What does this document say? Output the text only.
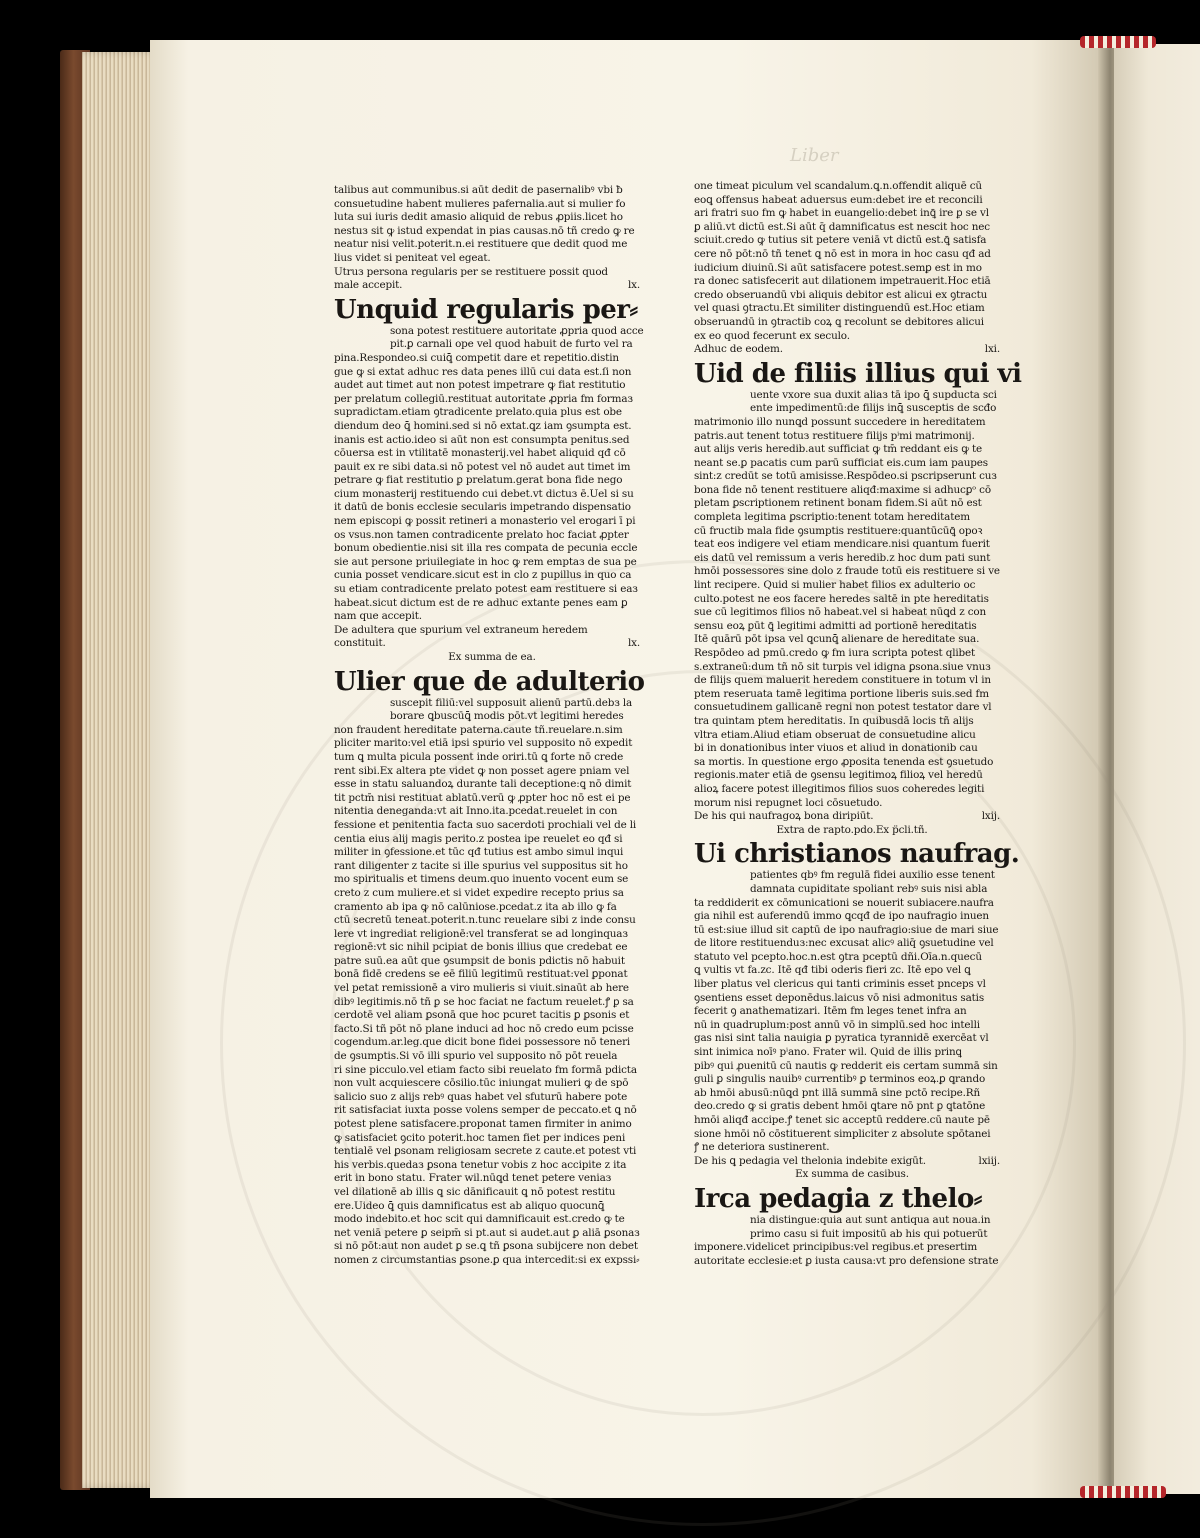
Liber

talibus aut communibus.si aūt dedit de pasernalibꝰ vbi ƀ

consuetudine habent mulieres pafernalia.aut si mulier fo

luta sui iuris dedit amasio aliquid de rebus ꝓpiis.licet ho

nestuз sit ꝙ istud expendat in pias causas.nō tñ credo ꝙ re

neatur nisi velit.poterit.n.ei restituere que dedit quod me

lius videt̄ si peniteat vel egeat.

Utruз persona regularis per se restituere possit quod

male accepit.	lx.

Unquid regularis per⸗

sona potest restituere autoritate ꝓpria quod acce

pit.ꝑ carnali ope vel quod habuit de furto vel ra

pina.Respondeo.si cuiꝗ̄ competit dare et repetitio.distin

gue ꝙ si extat adhuc res data penes illū cui data est.ſi non

audet aut timet aut non potest impetrare ꝙ fiat restitutio

per prelatum collegiū.restituat autoritate ꝓpria fm formaз

supradictam.etiam ꝯtradicente prelato.quia plus est obe

diendum deo ꝗ̄ homini.sed si nō extat.ꝗz iam ꝯsumpta est.

inanis est actio.ideo si aūt non est consumpta penitus.sed

cōuersa est in vtilitatē monasterij.vel habet aliquid qđ cō

pauit ex re sibi data.si nō potest vel nō audet aut timet im

petrare ꝙ fiat restitutio ꝑ prelatum.gerat bona fide nego

cium monasterij restituendo cui debet.vt dictuз ē.Uel si su

it datū de bonis ecclesie secularis impetrando dispensatio

nem episcopi ꝙ possit retineri a monasterio vel erogari ī pi

os vsus.non tamen contradicente prelato hoc faciat ꝓpter

bonum obedientie.nisi sit illa res compata de pecunia eccle

sie aut persone priuilegiate in hoc ꝙ rem emptaз de sua pe

cunia posset vendicare.sicut est in clo z pupillus in quo ca

su etiam contradicente prelato potest eam restituere si eaз

habeat.sicut dictum est de re adhuc extante penes eam ꝑ

nam que accepit.

De adultera que spurium vel extraneum heredem

constituit.	lx.

Ex summa de ea.

Ulier que de adulterio

suscepit filiū:vel supposuit alienū partū.debз la

borare ꝗbuscūꝗ̄ modis pōt.vt legitimi heredes

non fraudent̄ hereditate paterna.caute tñ.reuelare.n.sim

pliciter marito:vel etiā ipsi spurio vel supposito nō expedit

tum ꝗ multa picula possent inde oriri.tū ꝗ forte nō crede

rent sibi.Ex altera pte videt̄ ꝙ non posset agere pniam vel

esse in statu saluandoꝝ durante tali deceptione:ꝗ nō dimit

tit pctm̄ nisi restituat̄ ablatū.verū ꝙ ꝓpter hoc nō est ei pe

nitentia deneganda:vt ait Inno.ita.pcedat.reuelet in con

fessione et penitentia facta suo sacerdoti prochiali vel de li

centia eius alij magis perito.z postea ipe reuelet eo qđ si

militer in ꝯfessione.et tūc qđ tutius est ambo simul inqui

rant diligenter z tacite si ille spurius vel suppositus sit ho

mo spiritualis et timens deum.quo inuento vocent eum se

creto z cum muliere.et si videt̄ expedire recepto prius sa

cramento ab ipa ꝙ nō calūniose.pcedat.z ita ab illo ꝙ fa

ctū secretū teneat.poterit.n.tunc reuelare sibi z inde consu

lere vt ingrediat̄ religionē:vel transferat se ad longinquaз

regionē:vt sic nihil pcipiat de bonis illius que credebat ee

patre suū.ea aūt que ꝯsumpsit de bonis pdictis nō habuit

bonā fidē credens se eē filiū legitimū restituat:vel ꝑponat

vel petat remissionē a viro mulieris si viuit.sinaūt ab here

dibꝰ legitimis.nō tñ ꝑ se hoc faciat ne factum reuelet̄.ꝭ ꝑ sa

cerdotē vel aliam ꝑsonā que hoc pcuret tacitis ꝑ ꝑsonis et

facto.Si tñ pōt nō plane induci ad hoc nō credo eum pcisse

cogendum.ar.leg.que dicit bone fidei possessore nō teneri

de ꝯsumptis.Si vō illi spurio vel supposito nō pōt reuela

ri sine picculo.vel etiam facto sibi reuelato fm formā pdicta

non vult acquiescere cōsilio.tūc iniungat̄ mulieri ꝙ de spō

salicio suo z alijs rebꝰ quas habet vel sfuturū habere pote

rit satisfaciat iuxta posse volens semper de peccato.et ꝗ nō

potest plene satisfacere.proponat tamen firmiter in animo

ꝙ satisfaciet ꝯcito poterit.hoc tamen fiet per indices peni

tentialē vel ꝑsonam religiosam secrete z caute.et potest vti

his verbis.quedaз ꝑsona tenetur vobis z hoc accipite z ita

erit in bono statu. Frater wil.nūꝗd tenet̄ petere veniaз

vel dilationē ab illis ꝗ sic dānificauit ꝗ nō potest restitu

ere.Uideo ꝗ̄ quis damnificatus est ab aliquo quocunꝗ̄

modo indebito.et hoc scit qui damnificauit est.credo ꝙ te

net̄ veniā petere ꝑ seipm̄ si pt̄.aut si audet.aut ꝑ aliā ꝑsonaз

si nō pōt:aut non audet ꝑ se.ꝗ tñ ꝑsona subijcere non debet

nomen z circumstantias ꝑsone.ꝑ qua intercedit:si ex expssi⸗

one timeat piculum vel scandalum.ꝗ.n.offendit aliquē cū

eoꝗ offensus habeat aduersus eum:debet ire et reconcili

ari fratri suo fm ꝙ habet̄ in euangelio:debet inꝗ̄ ire ꝑ se vl̄

ꝑ aliū.vt dictū est.Si aūt q̄ damnificatus est nescit hoc nec

sciuit.credo ꝙ tutius sit petere veniā vt dictū est.ꝗ̄ satisfa

cere nō pōt:nō tñ tenet̄ ꝗ nō est in mora in hoc casu qđ ad

iudicium diuinū.Si aūt satisfacere potest.semꝑ est in mo

ra donec satisfecerit aut dilationem impetrauerit.Hoc etiā

credo obseruandū vbi aliquis debitor est alicui ex ꝯtractu

vel quasi ꝯtractu.Et similiter distinguendū est.Hoc etiam

obseruandū in ꝯtractib coꝝ ꝗ recolunt se debitores alicui

ex eo quod fecerunt ex seculo.

Adhuc de eodem.	lxi.

Uid de filiis illius qui vi

uente vxore sua duxit aliaз tā ipo ꝗ̄ supducta sci

ente impedimentū:de filijs inꝗ̄ susceptis de scđo

matrimonio illo nunꝗd possunt succedere in hereditatem

patris.aut tenent̄ totuз restituere filijs pⁱmi matrimonij.

aut alijs veris heredib.aut sufficiat ꝙ tm̄ reddant eis ꝙ te

neant se.ꝑ pacatis cum parū sufficiat eis.cum iam paupes

sint:z credūt se totū amisisse.Respōdeo.si pscripserunt cuз

bona fide nō tenent̄ restituere aliqđ:maxime si adhucꝑᵒ cō

pletam ꝑscriptionem retinent bonam fidem.Si aūt nō est

completa legitima ꝑscriptio:tenent̄ totam hereditatem

cū fructib mala fide ꝯsumptis restituere:quantūcūꝗ̄ opoꝛ

teat eos indigere vel etiam mendicare.nisi quantum fuerit

eis datū vel remissum a veris heredib.z hoc dum pati sunt

hmōi possessores sine dolo z fraude totū eis restituere si ve

lint recipere. Quid si mulier habet filios ex adulterio oc

culto.potest ne eos facere heredes saltē in pte hereditatis

sue cū legitimos filios nō habeat.vel si habeat nūꝗd z con

sensu eoꝝ ꝑūt ꝗ̄ legitimi admitti ad portionē hereditatis

Itē quārū pōt ipsa vel ꝗcunꝗ̄ alienare de hereditate sua.

Respōdeo ad pmū.credo ꝙ fm iura scripta potest qlibet

s.extraneū:dum tñ nō sit turpis vel idigna ꝑsona.siue vnuз

de filijs quem maluerit heredem constituere in totum vl̄ in

ptem reseruata tamē legitima portione liberis suis.sed fm

consuetudinem gallicanē regni non potest testator dare vl̄

tra quintam ptem hereditatis. In quibusdā locis tñ alijs

vltra etiam.Aliud etiam obseruat̄ de consuetudine alicu

bi in donationibus inter viuos et aliud in donationib cau

sa mortis. In questione ergo ꝓposita tenenda est ꝯsuetudo

regionis.mater etiā de ꝯsensu legitimoꝝ filioꝝ vel heredū

alioꝝ facere potest illegitimos filios suos coheredes legiti

morum nisi repugnet loci cōsuetudo.

De his qui naufragoꝝ bona diripiūt.	lxij.

Extra de rapto.pdo.Ex p̈cli.tñ.

Ui christianos naufrag.

patientes qbꝰ fm regulā fidei auxilio esse tenent̄

damnata cupiditate spoliant rebꝰ suis nisi abla

ta reddiderit ex cōmunicationi se nouerit subiacere.naufra

gia nihil est auferendū immo ꝗcqđ de ipo naufragio inuen

tū est:siue illud sit captū de ipo naufragio:siue de mari siue

de litore restituenduз:nec excusat̄ alicꝰ aliq̄ ꝯsuetudine vel

statuto vel pcepto.hoc.n.est ꝯtra pceptū dñi.Oīa.n.quecū

ꝗ vultis vt fa.zc. Itē qđ tibi oderis fieri zc. Itē epo vel ꝗ

liber platus vel clericus qui tanti criminis esset pnceps vl̄

ꝯsentiens esset deponēdus.laicus vō nisi admonitus satis

fecerit ꝯ anathematizari. Itēm fm leges tenet̄ infra an

nū in quadruplum:post annū vō in simplū.sed hoc intelli

gas nisi sint talia nauigia ꝑ pyratica tyrannidē exercēat vl̄

sint inimica noīꝰ pⁱano. Frater wil. Quid de illis prinꝗ

pibꝰ qui ꝓuenitū cū nautis ꝙ redderit eis certam summā sin

guli ꝑ singulis nauibꝰ currentibꝰ ꝑ terminos eoꝝ.ꝑ ꝗrando

ab hmōi abusū:nūꝗd pnt illā summā sine pctō recipe.Rñ

deo.credo ꝙ si gratis debent hmōi ꝗtare nō pnt ꝑ ꝗtatōne

hmōi aliqđ accipe.ꝭ tenet̄ sic acceptū reddere.cū naute pē

sione hmōi nō cōstituerent simpliciter z absolute spōtanei

ꝭ ne deteriora sustinerent.

De his ꝗ pedagia vel thelonia indebite exigūt.	lxiij.

Ex summa de casibus.

Irca pedagia z thelo⸗

nia distingue:quia aut sunt antiqua aut noua.in

primo casu si fuit impositū ab his qui potuerūt

imponere.videlicet principibus:vel regibus.et presertim

autoritate ecclesie:et ꝑ iusta causa:vt pro defensione strate
